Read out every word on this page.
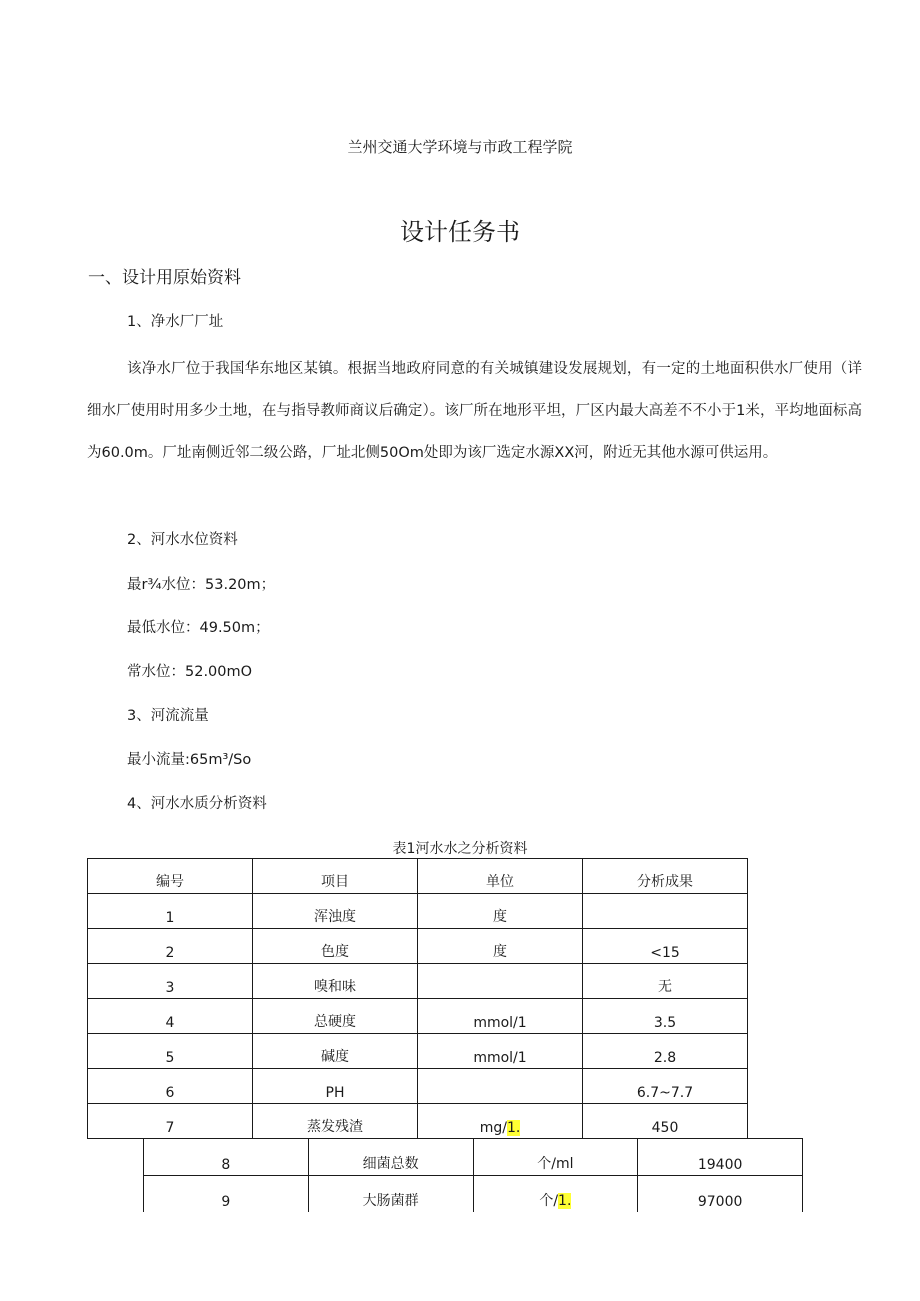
兰州交通大学环境与市政工程学院
设计任务书
一、设计用原始资料
1、净水厂厂址
该净水厂位于我国华东地区某镇。根据当地政府同意的有关城镇建设发展规划，有一定的土地面积供水厂使用（详细水厂使用时用多少土地，在与指导教师商议后确定）。该厂所在地形平坦，厂区内最大高差不不小于1米，平均地面标高为60.0m。厂址南侧近邻二级公路，厂址北侧50Om处即为该厂选定水源XX河，附近无其他水源可供运用。
2、河水水位资料
最r¾水位：53.20m；
最低水位：49.50m；
常水位：52.00mO
3、河流流量
最小流量:65m³∕So
4、河水水质分析资料
表1河水水之分析资料
编号	项目	单位	分析成果
1	浑浊度	度	
2	色度	度	<15
3	嗅和味		无
4	总硬度	mmol/1	3.5
5	碱度	mmol/1	2.8
6	PH		6.7~7.7
7	蒸发残渣	mg/1.	450
8	细菌总数	个/ml	19400
9	大肠菌群	个/1.	97000
